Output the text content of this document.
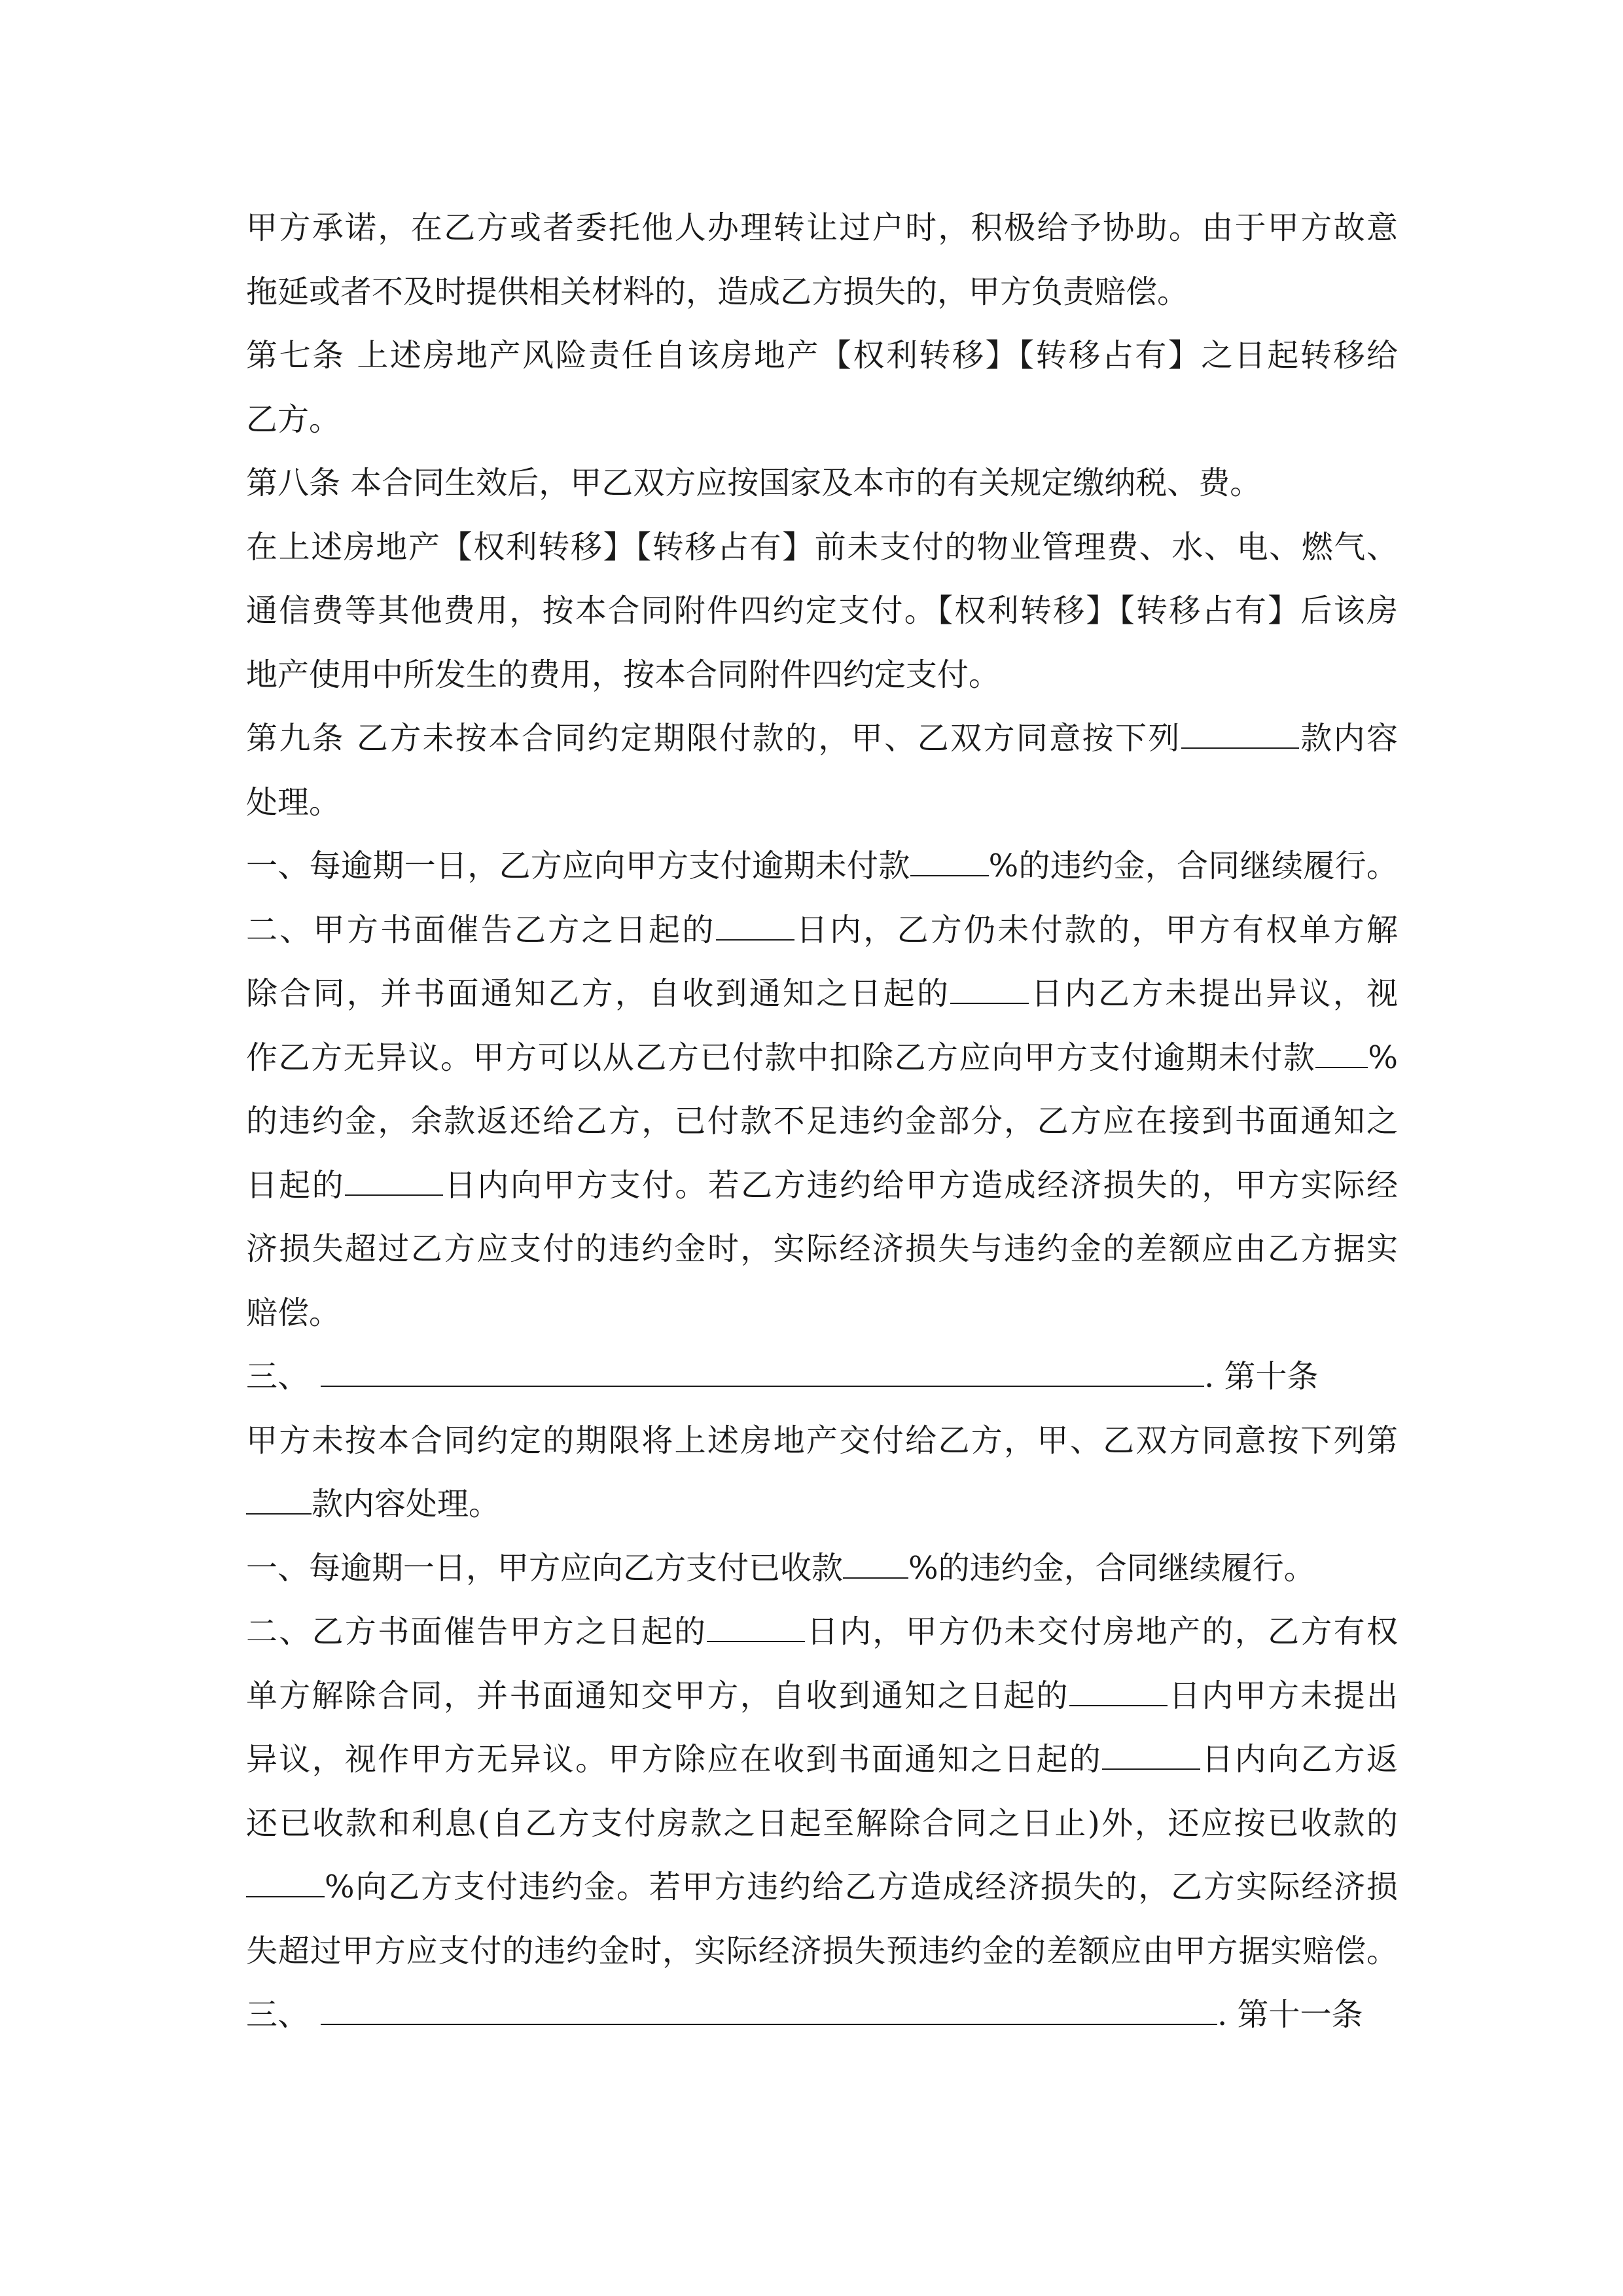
甲方承诺，在乙方或者委托他人办理转让过户时，积极给予协助。由于甲方故意
拖延或者不及时提供相关材料的，造成乙方损失的，甲方负责赔偿。
第七条 上述房地产风险责任自该房地产【权利转移】【转移占有】之日起转移给
乙方。
第八条 本合同生效后，甲乙双方应按国家及本市的有关规定缴纳税、费。
在上述房地产【权利转移】【转移占有】前未支付的物业管理费、水、电、燃气、
通信费等其他费用，按本合同附件四约定支付。【权利转移】【转移占有】后该房
地产使用中所发生的费用，按本合同附件四约定支付。
第九条 乙方未按本合同约定期限付款的，甲、乙双方同意按下列	款内容
处理。
一、每逾期一日，乙方应向甲方支付逾期未付款	%的违约金，合同继续履行。
二、甲方书面催告乙方之日起的	日内，乙方仍未付款的，甲方有权单方解
除合同，并书面通知乙方，自收到通知之日起的	日内乙方未提出异议，视
作乙方无异议。甲方可以从乙方已付款中扣除乙方应向甲方支付逾期未付款 %
的违约金，余款返还给乙方，已付款不足违约金部分，乙方应在接到书面通知之
日起的	日内向甲方支付。若乙方违约给甲方造成经济损失的，甲方实际经
济损失超过乙方应支付的违约金时，实际经济损失与违约金的差额应由乙方据实
赔偿。
三、	. 第十条
甲方未按本合同约定的期限将上述房地产交付给乙方，甲、乙双方同意按下列第
款内容处理。
一、每逾期一日，甲方应向乙方支付已收款 %的违约金，合同继续履行。
二、乙方书面催告甲方之日起的	日内，甲方仍未交付房地产的，乙方有权
单方解除合同，并书面通知交甲方，自收到通知之日起的	日内甲方未提出
异议，视作甲方无异议。甲方除应在收到书面通知之日起的	日内向乙方返
还已收款和利息(自乙方支付房款之日起至解除合同之日止)外，还应按已收款的
%向乙方支付违约金。若甲方违约给乙方造成经济损失的，乙方实际经济损
失超过甲方应支付的违约金时，实际经济损失预违约金的差额应由甲方据实赔偿。
三、	. 第十一条
